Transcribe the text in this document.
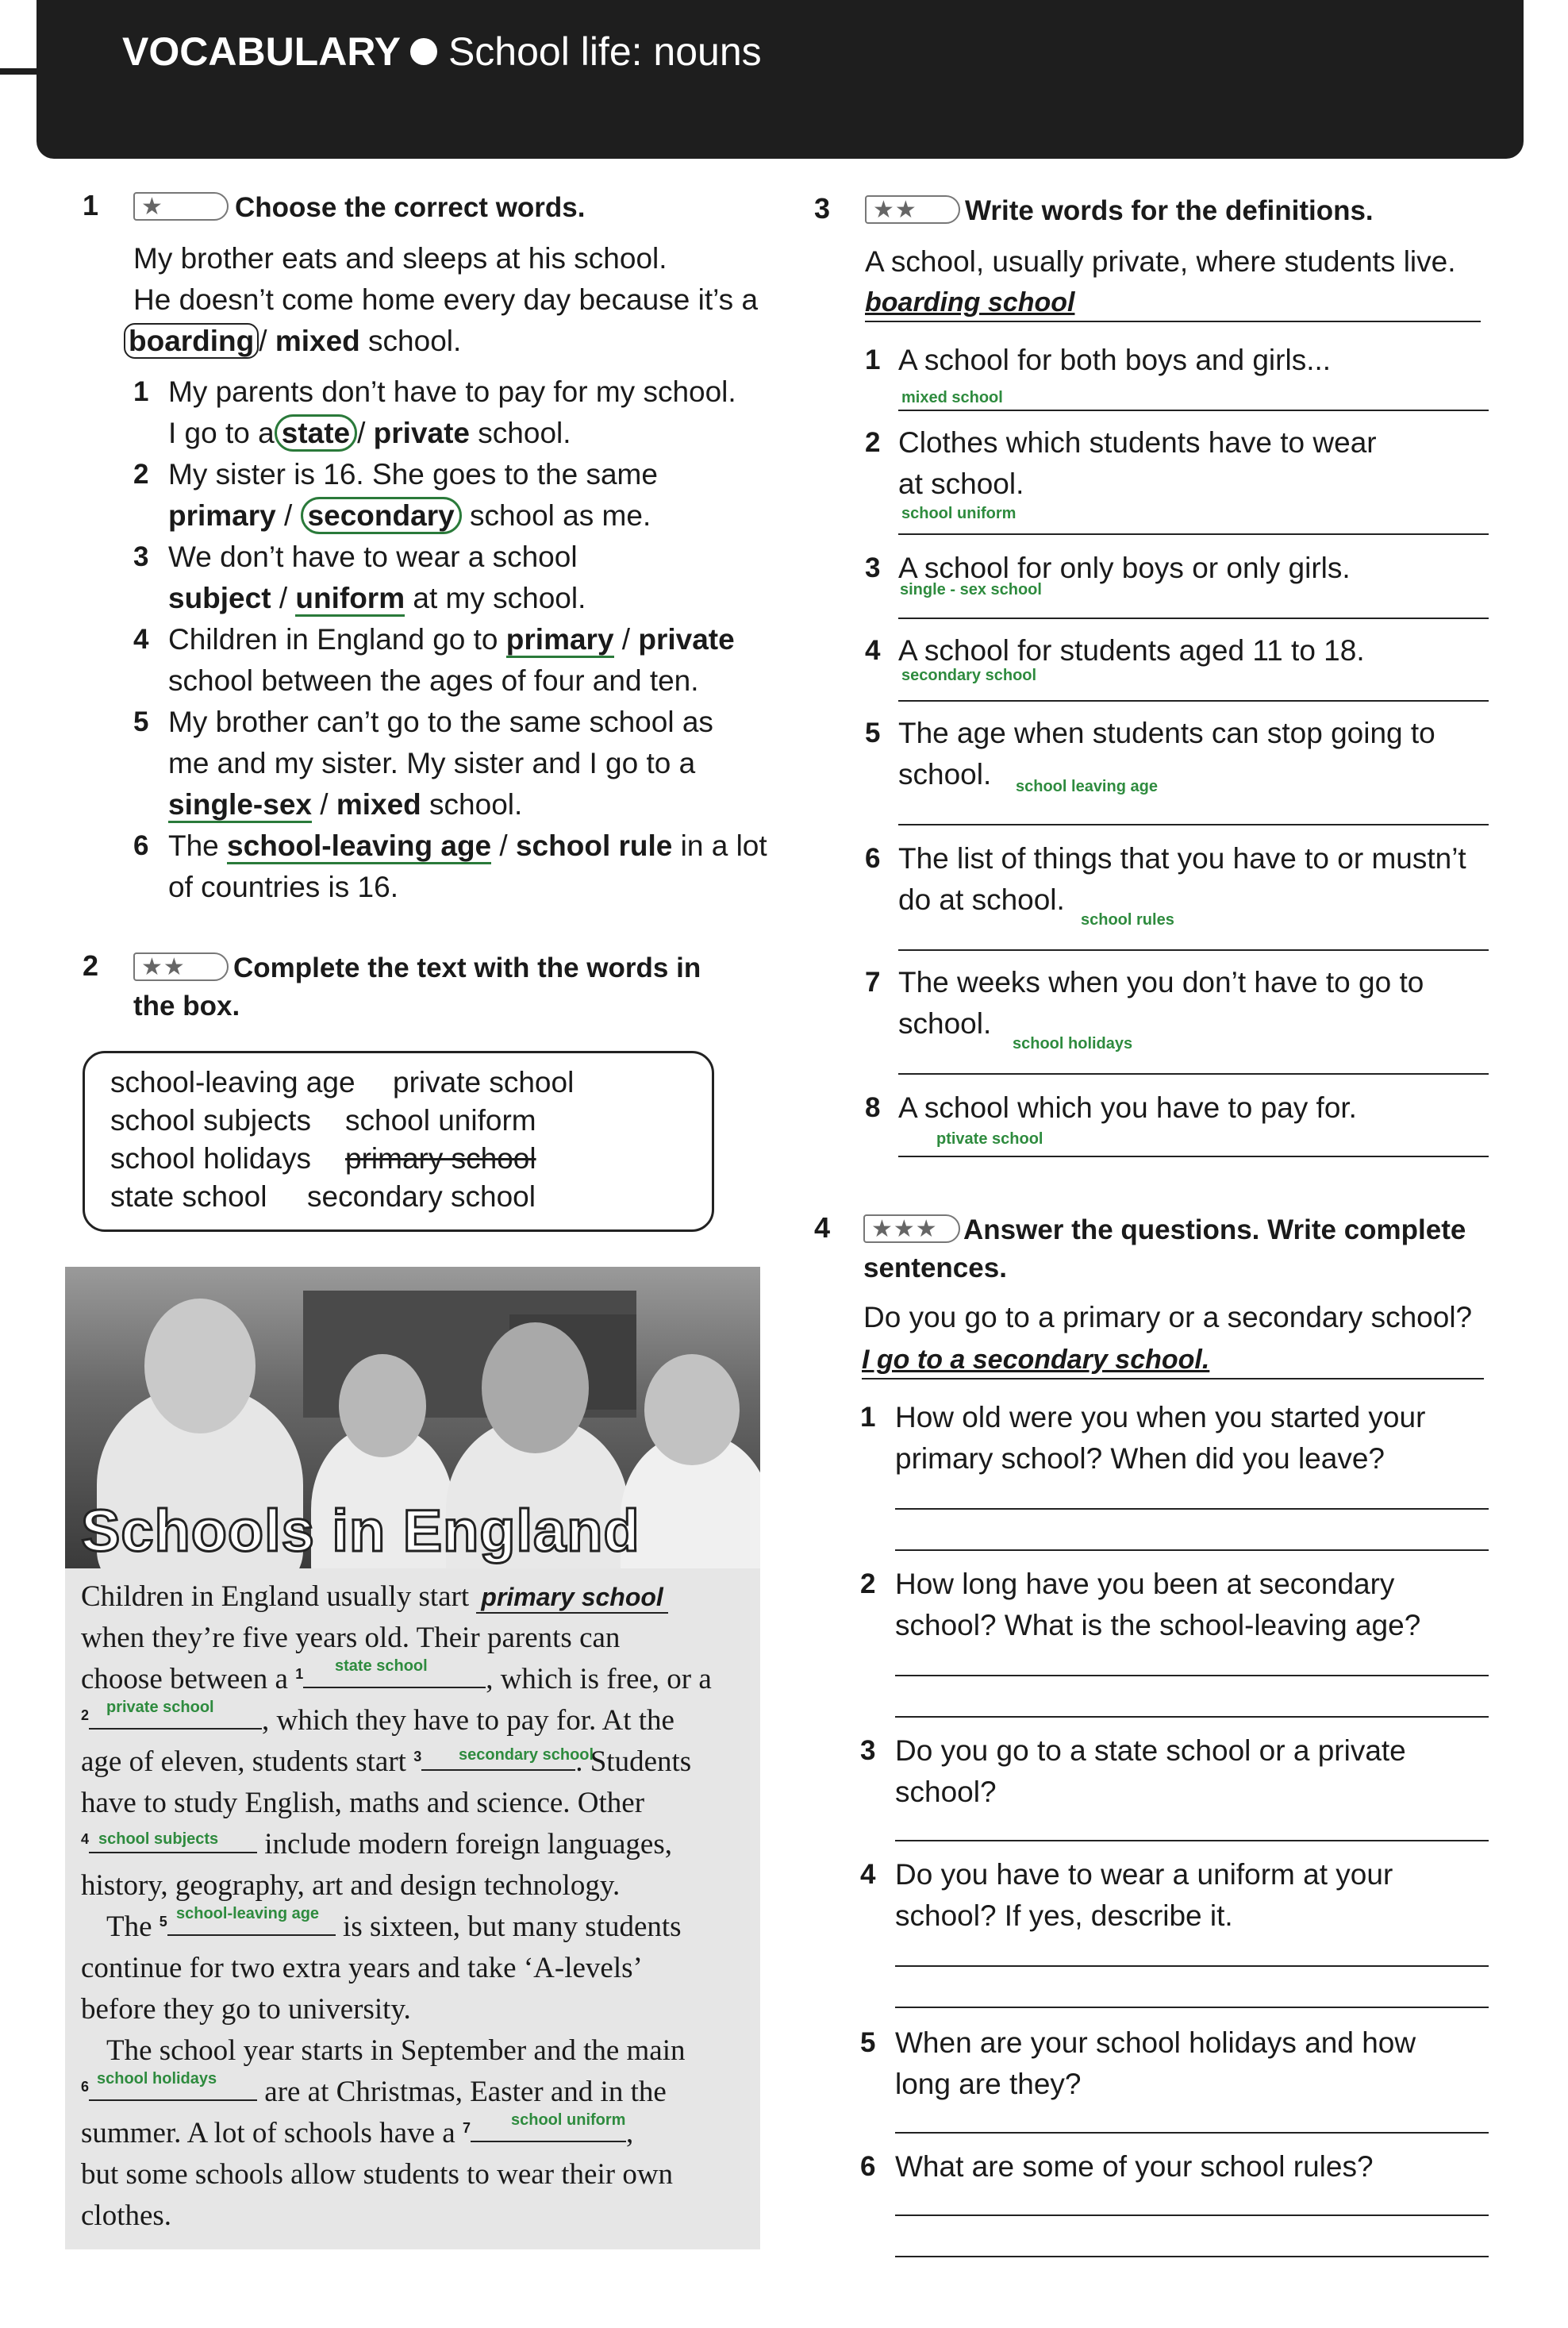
VOCABULARY School life: nouns
1	★	Choose the correct words.
My brother eats and sleeps at his school.
He doesn’t come home every day because it’s a
boarding / mixed school.
1 My parents don’t have to pay for my school.
I go to a state / private school.
2 My sister is 16. She goes to the same
primary / secondary school as me.
3 We don’t have to wear a school
subject / uniform at my school.
4 Children in England go to primary / private
school between the ages of four and ten.
5 My brother can’t go to the same school as
me and my sister. My sister and I go to a
single-sex / mixed school.
6 The school-leaving age / school rule in a lot
of countries is 16.
2	★★	Complete the text with the words in
the box.
school-leaving age private school
school subjects school uniform
school holidays primary school
state school secondary school
Schools in England
Children in England usually start primary school
when they’re five years old. Their parents can
choose between a $^1$	, which is free, or a
state school
$^2$	, which they have to pay for. At the
private school
age of eleven, students start $^3$	. Students
secondary school
have to study English, maths and science. Other
$^4$	include modern foreign languages,
school subjects
history, geography, art and design technology.
The $^5$	is sixteen, but many students
school-leaving age
continue for two extra years and take ‘A-levels’
before they go to university.
The school year starts in September and the main
$^6$	are at Christmas, Easter and in the
school holidays
summer. A lot of schools have a $^7$	,
school uniform
but some schools allow students to wear their own
clothes.
3	★★	Write words for the definitions.
A school, usually private, where students live.
boarding school
1 A school for both boys and girls...
mixed school
2 Clothes which students have to wear
at school.
school uniform
3 A school for only boys or only girls.
single - sex school
4 A school for students aged 11 to 18.
secondary school
5 The age when students can stop going to
school. school leaving age
6 The list of things that you have to or mustn’t
do at school.
school rules
7 The weeks when you don’t have to go to
school.
school holidays
8 A school which you have to pay for.
ptivate school
4	★★★ Answer the questions. Write complete
sentences.
Do you go to a primary or a secondary school?
I go to a secondary school.
1 How old were you when you started your
primary school? When did you leave?
2 How long have you been at secondary
school? What is the school-leaving age?
3 Do you go to a state school or a private
school?
4 Do you have to wear a uniform at your
school? If yes, describe it.
5 When are your school holidays and how
long are they?
6 What are some of your school rules?
